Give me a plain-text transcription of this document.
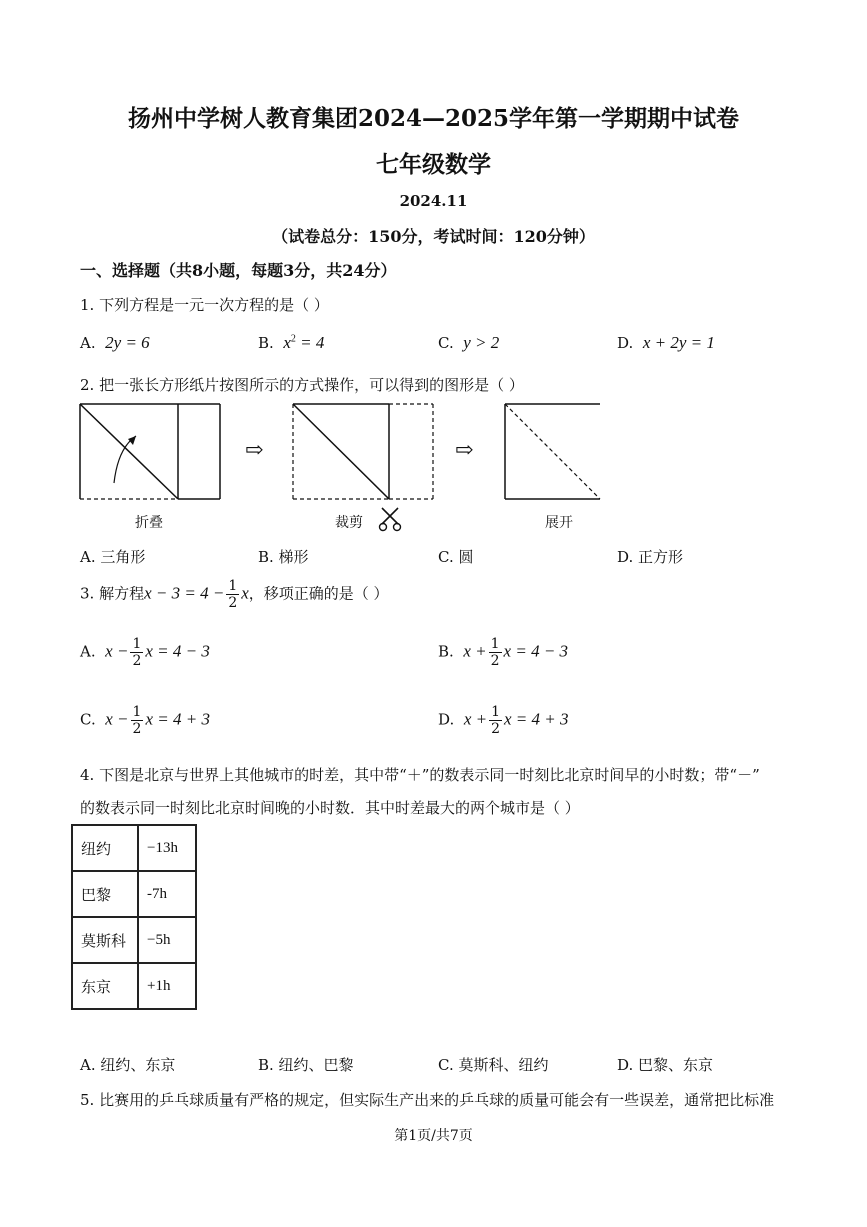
扬州中学树人教育集团2024—2025学年第一学期期中试卷
七年级数学
2024.11
（试卷总分：150分，考试时间：120分钟）
一、选择题（共8小题，每题3分，共24分）
1. 下列方程是一元一次方程的是（ ）
A. 2y = 6	B. $x^2 = 4$	C. y > 2	D. x + 2y = 1
2. 把一张长方形纸片按图所示的方式操作，可以得到的图形是（ ）
⇨	⇨
折叠	裁剪	展开
A. 三角形	B. 梯形	C. 圆	D. 正方形
3. 解方程$x - 3 = 4 - \frac{1}{2}$ x，移项正确的是（ ）
A. $x - \frac{1}{2}$ x = 4 − 3	B. $x + \frac{1}{2}$ x = 4 − 3
C. $x - \frac{1}{2}$ x = 4 + 3	D. $x + \frac{1}{2}$ x = 4 + 3
4. 下图是北京与世界上其他城市的时差，其中带“＋”的数表示同一时刻比北京时间早的小时数；带“－”
的数表示同一时刻比北京时间晚的小时数．其中时差最大的两个城市是（ ）
纽约	−13h
巴黎	-7h
莫斯科	−5h
东京	+1h
A. 纽约、东京	B. 纽约、巴黎	C. 莫斯科、纽约	D. 巴黎、东京
5. 比赛用的乒乓球质量有严格的规定，但实际生产出来的乒乓球的质量可能会有一些误差，通常把比标准
第1页/共7页
